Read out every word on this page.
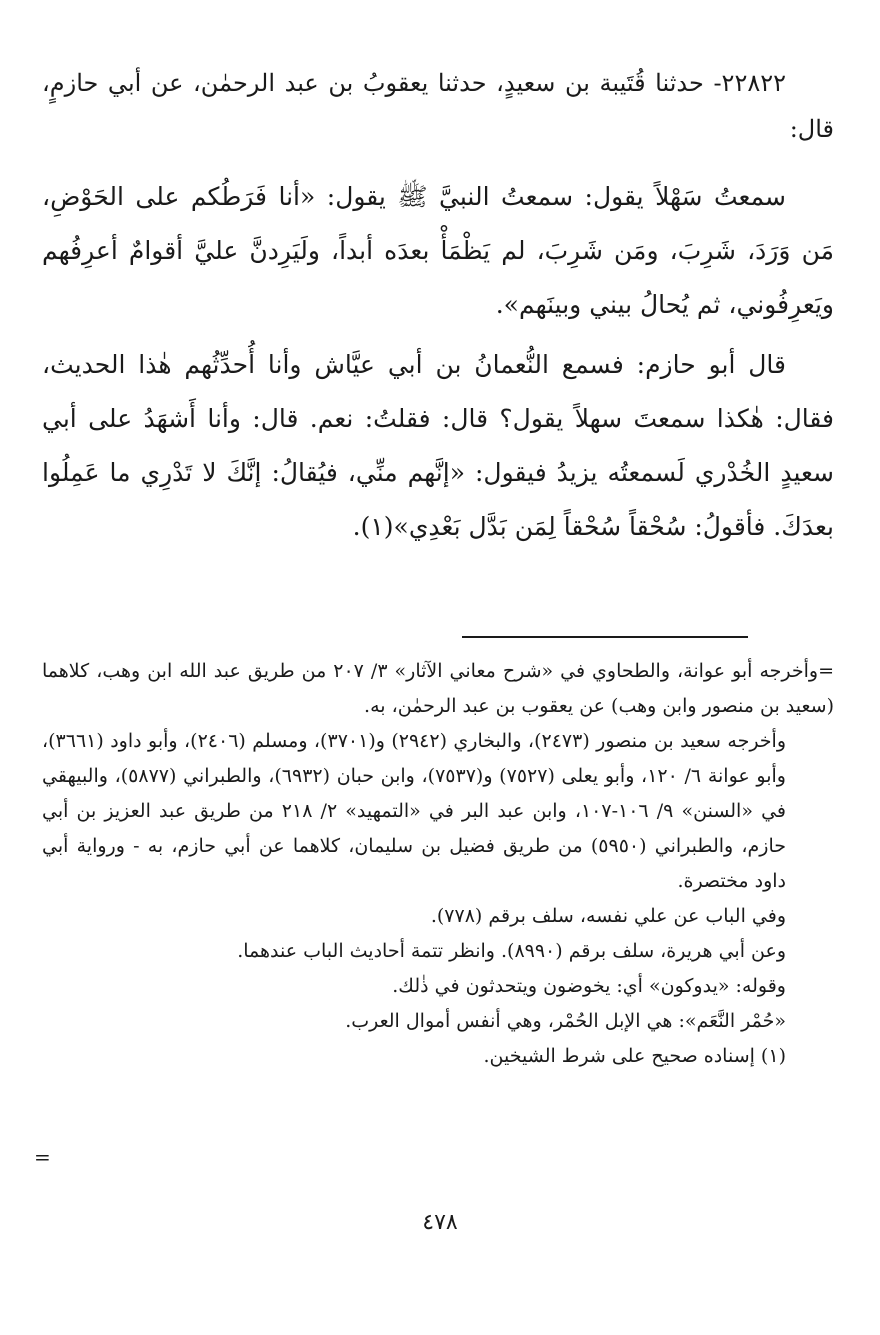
٢٢٨٢٢- حدثنا قُتَيبة بن سعيدٍ، حدثنا يعقوبُ بن عبد الرحمٰن، عن أبي حازمٍ، قال:

سمعتُ سَهْلاً يقول: سمعتُ النبيَّ ﷺ يقول: «أنا فَرَطُكم على الحَوْضِ، مَن وَرَدَ، شَرِبَ، ومَن شَرِبَ، لم يَظْمَأْ بعدَه أبداً، ولَيَرِدنَّ عليَّ أقوامٌ أعرِفُهم ويَعرِفُوني، ثم يُحالُ بيني وبينَهم».

قال أبو حازم: فسمع النُّعمانُ بن أبي عيَّاش وأنا أُحدِّثُهم هٰذا الحديث، فقال: هٰكذا سمعتَ سهلاً يقول؟ قال: فقلتُ: نعم. قال: وأنا أَشهَدُ على أبي سعيدٍ الخُدْري لَسمعتُه يزيدُ فيقول: «إنَّهم منِّي، فيُقالُ: إنَّكَ لا تَدْرِي ما عَمِلُوا بعدَكَ. فأقولُ: سُحْقاً سُحْقاً لِمَن بَدَّل بَعْدِي»(١).

=وأخرجه أبو عوانة، والطحاوي في «شرح معاني الآثار» ٣/ ٢٠٧ من طريق عبد الله ابن وهب، كلاهما (سعيد بن منصور وابن وهب) عن يعقوب بن عبد الرحمٰن، به.

وأخرجه سعيد بن منصور (٢٤٧٣)، والبخاري (٢٩٤٢) و(٣٧٠١)، ومسلم (٢٤٠٦)، وأبو داود (٣٦٦١)، وأبو عوانة ٦/ ١٢٠، وأبو يعلى (٧٥٢٧) و(٧٥٣٧)، وابن حبان (٦٩٣٢)، والطبراني (٥٨٧٧)، والبيهقي في «السنن» ٩/ ١٠٦-١٠٧، وابن عبد البر في «التمهيد» ٢/ ٢١٨ من طريق عبد العزيز بن أبي حازم، والطبراني (٥٩٥٠) من طريق فضيل بن سليمان، كلاهما عن أبي حازم، به - ورواية أبي داود مختصرة.

وفي الباب عن علي نفسه، سلف برقم (٧٧٨).

وعن أبي هريرة، سلف برقم (٨٩٩٠). وانظر تتمة أحاديث الباب عندهما.

وقوله: «يدوكون» أي: يخوضون ويتحدثون في ذٰلك.

«حُمْر النَّعَم»: هي الإبل الحُمْر، وهي أنفس أموال العرب.

(١) إسناده صحيح على شرط الشيخين.

=
٤٧٨
